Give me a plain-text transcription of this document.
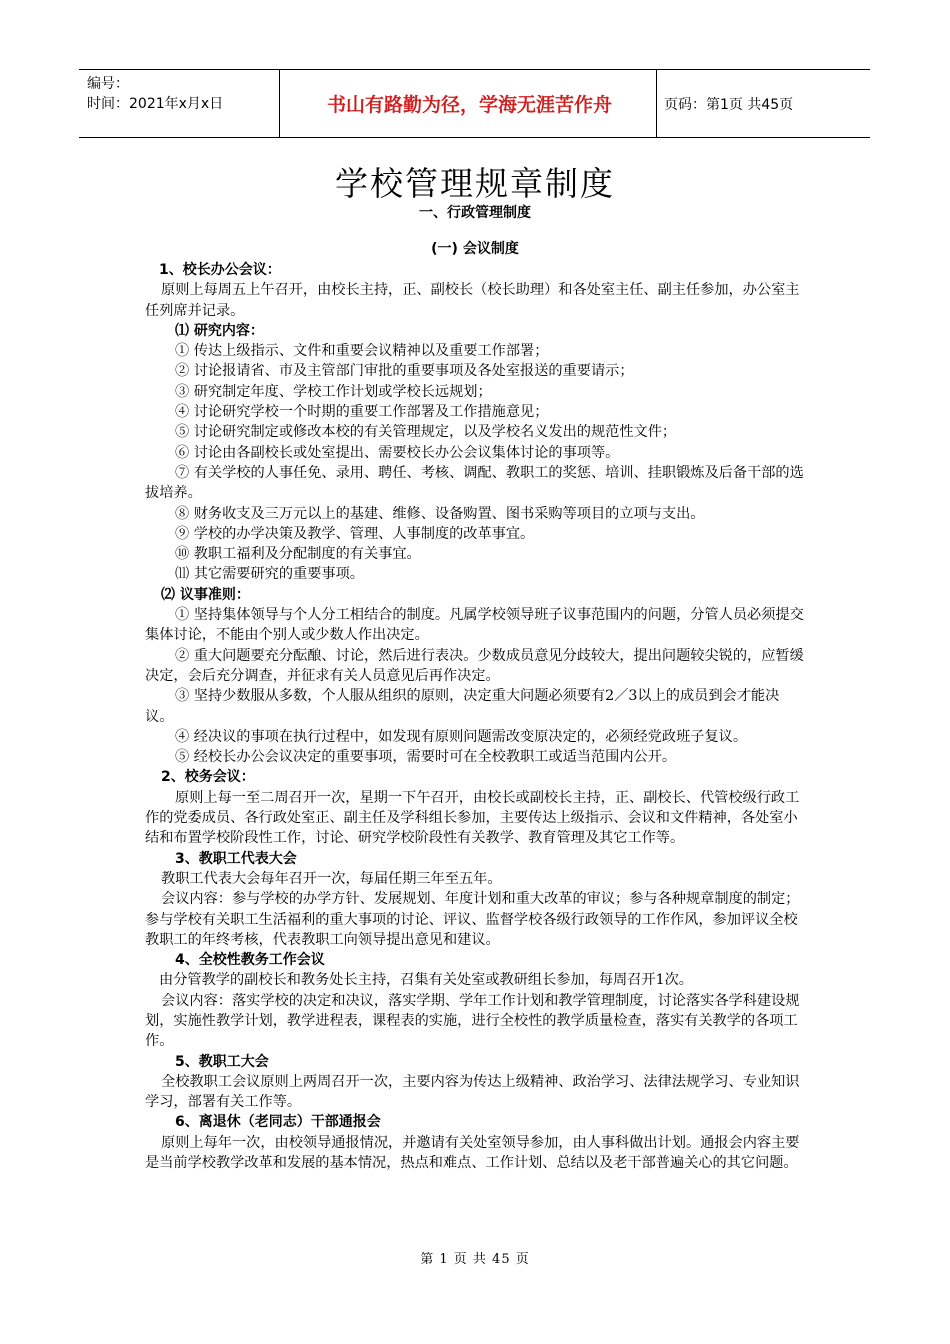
编号：
时间：2021年x月x日	书山有路勤为径，学海无涯苦作舟	页码：第1页 共45页
学校管理规章制度
一、行政管理制度
(一) 会议制度

1、校长办公会议：

原则上每周五上午召开，由校长主持，正、副校长（校长助理）和各处室主任、副主任参加，办公室主任列席并记录。

⑴ 研究内容：

① 传达上级指示、文件和重要会议精神以及重要工作部署；

② 讨论报请省、市及主管部门审批的重要事项及各处室报送的重要请示；

③ 研究制定年度、学校工作计划或学校长远规划；

④ 讨论研究学校一个时期的重要工作部署及工作措施意见；

⑤ 讨论研究制定或修改本校的有关管理规定，以及学校名义发出的规范性文件；

⑥ 讨论由各副校长或处室提出、需要校长办公会议集体讨论的事项等。

⑦ 有关学校的人事任免、录用、聘任、考核、调配、教职工的奖惩、培训、挂职锻炼及后备干部的选拔培养。

⑧ 财务收支及三万元以上的基建、维修、设备购置、图书采购等项目的立项与支出。

⑨ 学校的办学决策及教学、管理、人事制度的改革事宜。

⑩ 教职工福利及分配制度的有关事宜。

⑾ 其它需要研究的重要事项。

⑵ 议事准则：

① 坚持集体领导与个人分工相结合的制度。凡属学校领导班子议事范围内的问题，分管人员必须提交集体讨论，不能由个别人或少数人作出决定。

② 重大问题要充分酝酿、讨论，然后进行表决。少数成员意见分歧较大，提出问题较尖锐的，应暂缓决定，会后充分调查，并征求有关人员意见后再作决定。

③ 坚持少数服从多数，个人服从组织的原则，决定重大问题必须要有2／3以上的成员到会才能决议。

④ 经决议的事项在执行过程中，如发现有原则问题需改变原决定的，必须经党政班子复议。

⑤ 经校长办公会议决定的重要事项，需要时可在全校教职工或适当范围内公开。

2、校务会议：

原则上每一至二周召开一次，星期一下午召开，由校长或副校长主持，正、副校长、代管校级行政工作的党委成员、各行政处室正、副主任及学科组长参加，主要传达上级指示、会议和文件精神，各处室小结和布置学校阶段性工作，讨论、研究学校阶段性有关教学、教育管理及其它工作等。

3、教职工代表大会

教职工代表大会每年召开一次，每届任期三年至五年。

会议内容：参与学校的办学方针、发展规划、年度计划和重大改革的审议；参与各种规章制度的制定；参与学校有关职工生活福利的重大事项的讨论、评议、监督学校各级行政领导的工作作风，参加评议全校教职工的年终考核，代表教职工向领导提出意见和建议。

4、全校性教务工作会议

由分管教学的副校长和教务处长主持，召集有关处室或教研组长参加，每周召开1次。

会议内容：落实学校的决定和决议，落实学期、学年工作计划和教学管理制度，讨论落实各学科建设规划，实施性教学计划，教学进程表，课程表的实施，进行全校性的教学质量检查，落实有关教学的各项工作。

5、教职工大会

全校教职工会议原则上两周召开一次，主要内容为传达上级精神、政治学习、法律法规学习、专业知识学习，部署有关工作等。

6、离退休（老同志）干部通报会

原则上每年一次，由校领导通报情况，并邀请有关处室领导参加，由人事科做出计划。通报会内容主要是当前学校教学改革和发展的基本情况，热点和难点、工作计划、总结以及老干部普遍关心的其它问题。

第 1 页 共 45 页
